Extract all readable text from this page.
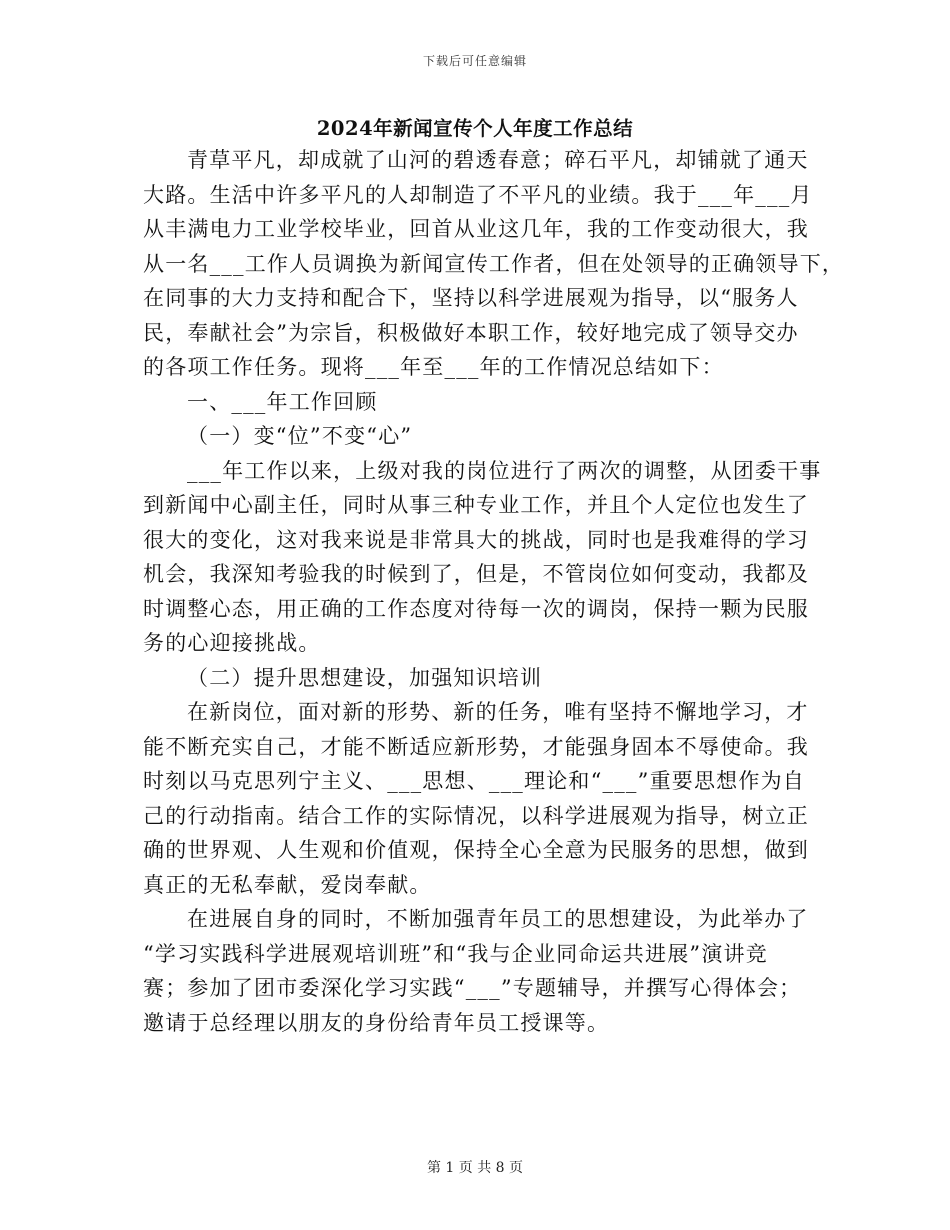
下载后可任意编辑
2024年新闻宣传个人年度工作总结
青草平凡，却成就了山河的碧透春意；碎石平凡，却铺就了通天
大路。生活中许多平凡的人却制造了不平凡的业绩。我于___年___月
从丰满电力工业学校毕业，回首从业这几年，我的工作变动很大，我
从一名___工作人员调换为新闻宣传工作者，但在处领导的正确领导下，
在同事的大力支持和配合下，坚持以科学进展观为指导，以“服务人
民，奉献社会”为宗旨，积极做好本职工作，较好地完成了领导交办
的各项工作任务。现将___年至___年的工作情况总结如下：
一、___年工作回顾
（一）变“位”不变“心”
___年工作以来，上级对我的岗位进行了两次的调整，从团委干事
到新闻中心副主任，同时从事三种专业工作，并且个人定位也发生了
很大的变化，这对我来说是非常具大的挑战，同时也是我难得的学习
机会，我深知考验我的时候到了，但是，不管岗位如何变动，我都及
时调整心态，用正确的工作态度对待每一次的调岗，保持一颗为民服
务的心迎接挑战。
（二）提升思想建设，加强知识培训
在新岗位，面对新的形势、新的任务，唯有坚持不懈地学习，才
能不断充实自己，才能不断适应新形势，才能强身固本不辱使命。我
时刻以马克思列宁主义、___思想、___理论和“___”重要思想作为自
己的行动指南。结合工作的实际情况，以科学进展观为指导，树立正
确的世界观、人生观和价值观，保持全心全意为民服务的思想，做到
真正的无私奉献，爱岗奉献。
在进展自身的同时，不断加强青年员工的思想建设，为此举办了
“学习实践科学进展观培训班”和“我与企业同命运共进展”演讲竞
赛；参加了团市委深化学习实践“___”专题辅导，并撰写心得体会；
邀请于总经理以朋友的身份给青年员工授课等。
第 1 页 共 8 页
